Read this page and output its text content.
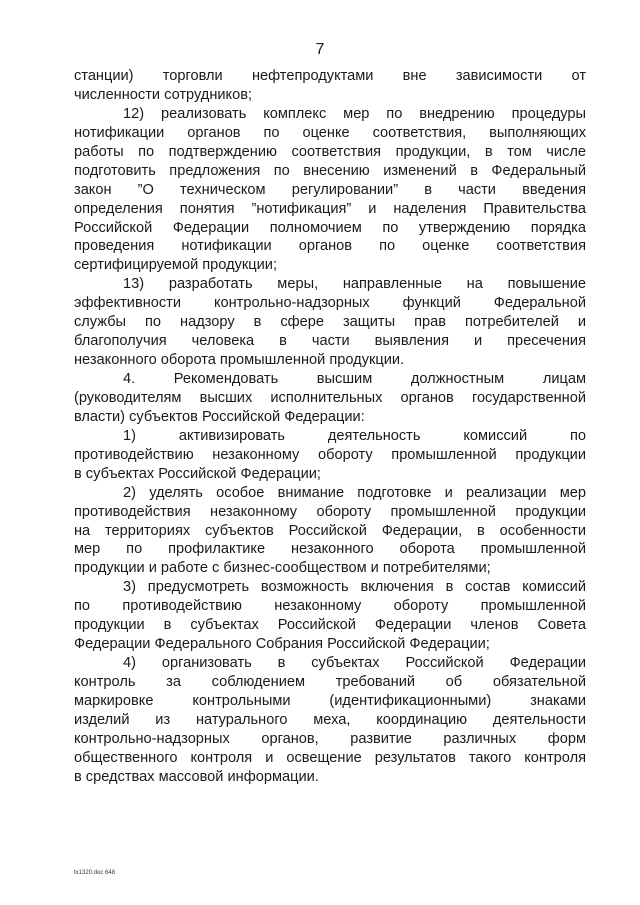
7
станции) торговли нефтепродуктами вне зависимости от
численности сотрудников;
12) реализовать комплекс мер по внедрению процедуры
нотификации органов по оценке соответствия, выполняющих
работы по подтверждению соответствия продукции, в том числе
подготовить предложения по внесению изменений в Федеральный
закон ”О техническом регулировании” в части введения
определения понятия ”нотификация” и наделения Правительства
Российской Федерации полномочием по утверждению порядка
проведения нотификации органов по оценке соответствия
сертифицируемой продукции;
13) разработать меры, направленные на повышение
эффективности контрольно-надзорных функций Федеральной
службы по надзору в сфере защиты прав потребителей и
благополучия человека в части выявления и пресечения
незаконного оборота промышленной продукции.
4. Рекомендовать высшим должностным лицам
(руководителям высших исполнительных органов государственной
власти) субъектов Российской Федерации:
1) активизировать деятельность комиссий по
противодействию незаконному обороту промышленной продукции
в субъектах Российской Федерации;
2) уделять особое внимание подготовке и реализации мер
противодействия незаконному обороту промышленной продукции
на территориях субъектов Российской Федерации, в особенности
мер по профилактике незаконного оборота промышленной
продукции и работе с бизнес-сообществом и потребителями;
3) предусмотреть возможность включения в состав комиссий
по противодействию незаконному обороту промышленной
продукции в субъектах Российской Федерации членов Совета
Федерации Федерального Собрания Российской Федерации;
4) организовать в субъектах Российской Федерации
контроль за соблюдением требований об обязательной
маркировке контрольными (идентификационными) знаками
изделий из натурального меха, координацию деятельности
контрольно-надзорных органов, развитие различных форм
общественного контроля и освещение результатов такого контроля
в средствах массовой информации.
tx1320.doc 648
